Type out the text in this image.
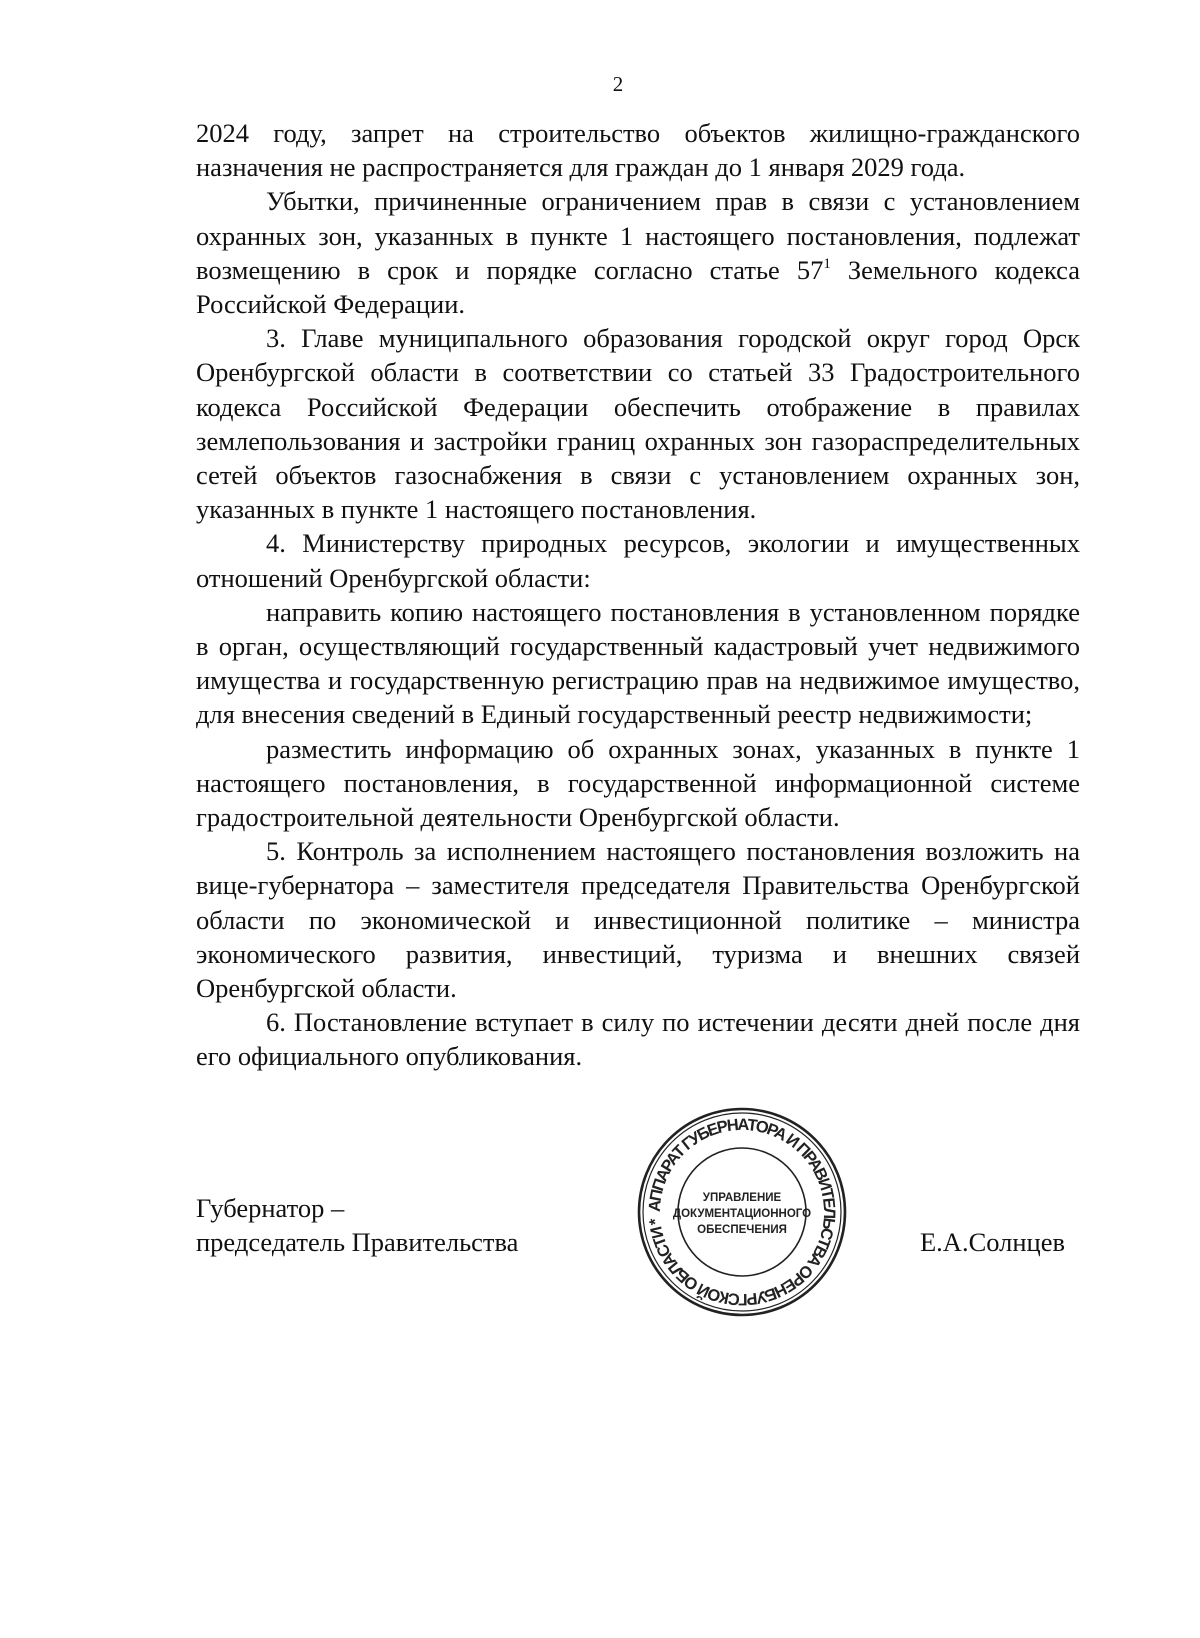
2

2024 году, запрет на строительство объектов жилищно-гражданского назначения не распространяется для граждан до 1 января 2029 года.

Убытки, причиненные ограничением прав в связи с установлением охранных зон, указанных в пункте 1 настоящего постановления, подлежат возмещению в срок и порядке согласно статье $57^1$ Земельного кодекса Российской Федерации.

3. Главе муниципального образования городской округ город Орск Оренбургской области в соответствии со статьей 33 Градостроительного кодекса Российской Федерации обеспечить отображение в правилах землепользования и застройки границ охранных зон газораспределительных сетей объектов газоснабжения в связи с установлением охранных зон, указанных в пункте 1 настоящего постановления.

4. Министерству природных ресурсов, экологии и имущественных отношений Оренбургской области:

направить копию настоящего постановления в установленном порядке в орган, осуществляющий государственный кадастровый учет недвижимого имущества и государственную регистрацию прав на недвижимое имущество, для внесения сведений в Единый государственный реестр недвижимости;

разместить информацию об охранных зонах, указанных в пункте 1 настоящего постановления, в государственной информационной системе градостроительной деятельности Оренбургской области.

5. Контроль за исполнением настоящего постановления возложить на вице-губернатора – заместителя председателя Правительства Оренбургской области по экономической и инвестиционной политике – министра экономического развития, инвестиций, туризма и внешних связей Оренбургской области.

6. Постановление вступает в силу по истечении десяти дней после дня его официального опубликования.

Губернатор –
председатель Правительства
АППАРАТ ГУБЕРНАТОРА И ПРАВИТЕЛЬСТВА ОРЕНБУРГСКОЙ ОБЛАСТИ *
УПРАВЛЕНИЕ
ДОКУМЕНТАЦИОННОГО
ОБЕСПЕЧЕНИЯ	Е.А.Солнцев
